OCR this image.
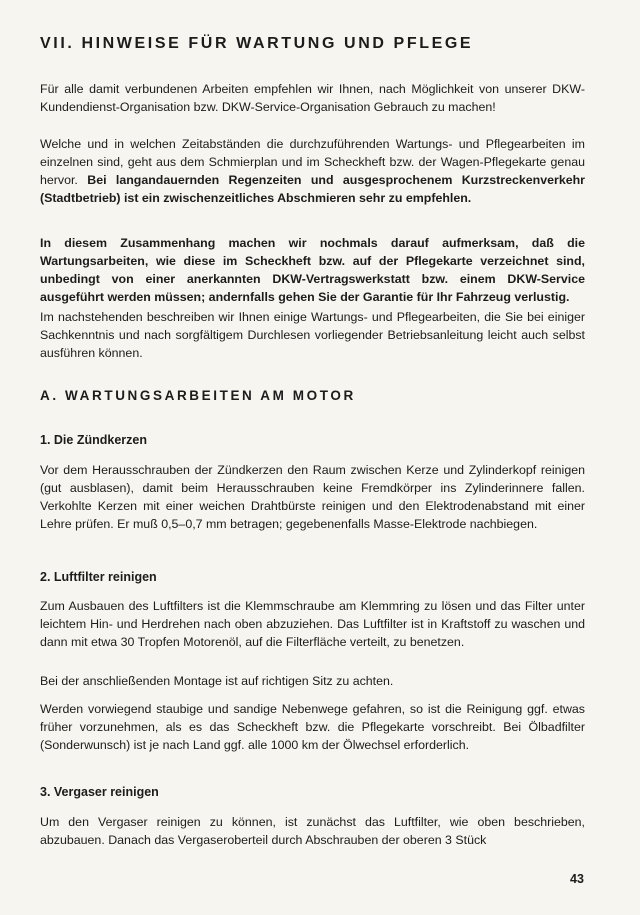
VII. HINWEISE FÜR WARTUNG UND PFLEGE

Für alle damit verbundenen Arbeiten empfehlen wir Ihnen, nach Möglichkeit von unserer DKW-Kundendienst-Organisation bzw. DKW-Service-Organisation Gebrauch zu machen!

Welche und in welchen Zeitabständen die durchzuführenden Wartungs- und Pflegearbeiten im einzelnen sind, geht aus dem Schmierplan und im Scheckheft bzw. der Wagen-Pflegekarte genau hervor. Bei langandauernden Regenzeiten und ausgesprochenem Kurzstreckenverkehr (Stadtbetrieb) ist ein zwischenzeitliches Abschmieren sehr zu empfehlen.

In diesem Zusammenhang machen wir nochmals darauf aufmerksam, daß die Wartungsarbeiten, wie diese im Scheckheft bzw. auf der Pflegekarte verzeichnet sind, unbedingt von einer anerkannten DKW-Vertragswerkstatt bzw. einem DKW-Service ausgeführt werden müssen; andernfalls gehen Sie der Garantie für Ihr Fahrzeug verlustig.

Im nachstehenden beschreiben wir Ihnen einige Wartungs- und Pflegearbeiten, die Sie bei einiger Sachkenntnis und nach sorgfältigem Durchlesen vorliegender Betriebsanleitung leicht auch selbst ausführen können.

A. WARTUNGSARBEITEN AM MOTOR
1. Die Zündkerzen

Vor dem Herausschrauben der Zündkerzen den Raum zwischen Kerze und Zylinderkopf reinigen (gut ausblasen), damit beim Herausschrauben keine Fremdkörper ins Zylinderinnere fallen. Verkohlte Kerzen mit einer weichen Drahtbürste reinigen und den Elektrodenabstand mit einer Lehre prüfen. Er muß 0,5–0,7 mm betragen; gegebenenfalls Masse-Elektrode nachbiegen.

2. Luftfilter reinigen

Zum Ausbauen des Luftfilters ist die Klemmschraube am Klemmring zu lösen und das Filter unter leichtem Hin- und Herdrehen nach oben abzuziehen. Das Luftfilter ist in Kraftstoff zu waschen und dann mit etwa 30 Tropfen Motorenöl, auf die Filterfläche verteilt, zu benetzen.

Bei der anschließenden Montage ist auf richtigen Sitz zu achten.

Werden vorwiegend staubige und sandige Nebenwege gefahren, so ist die Reinigung ggf. etwas früher vorzunehmen, als es das Scheckheft bzw. die Pflegekarte vorschreibt. Bei Ölbadfilter (Sonderwunsch) ist je nach Land ggf. alle 1000 km der Ölwechsel erforderlich.

3. Vergaser reinigen

Um den Vergaser reinigen zu können, ist zunächst das Luftfilter, wie oben beschrieben, abzubauen. Danach das Vergaseroberteil durch Abschrauben der oberen 3 Stück

43
